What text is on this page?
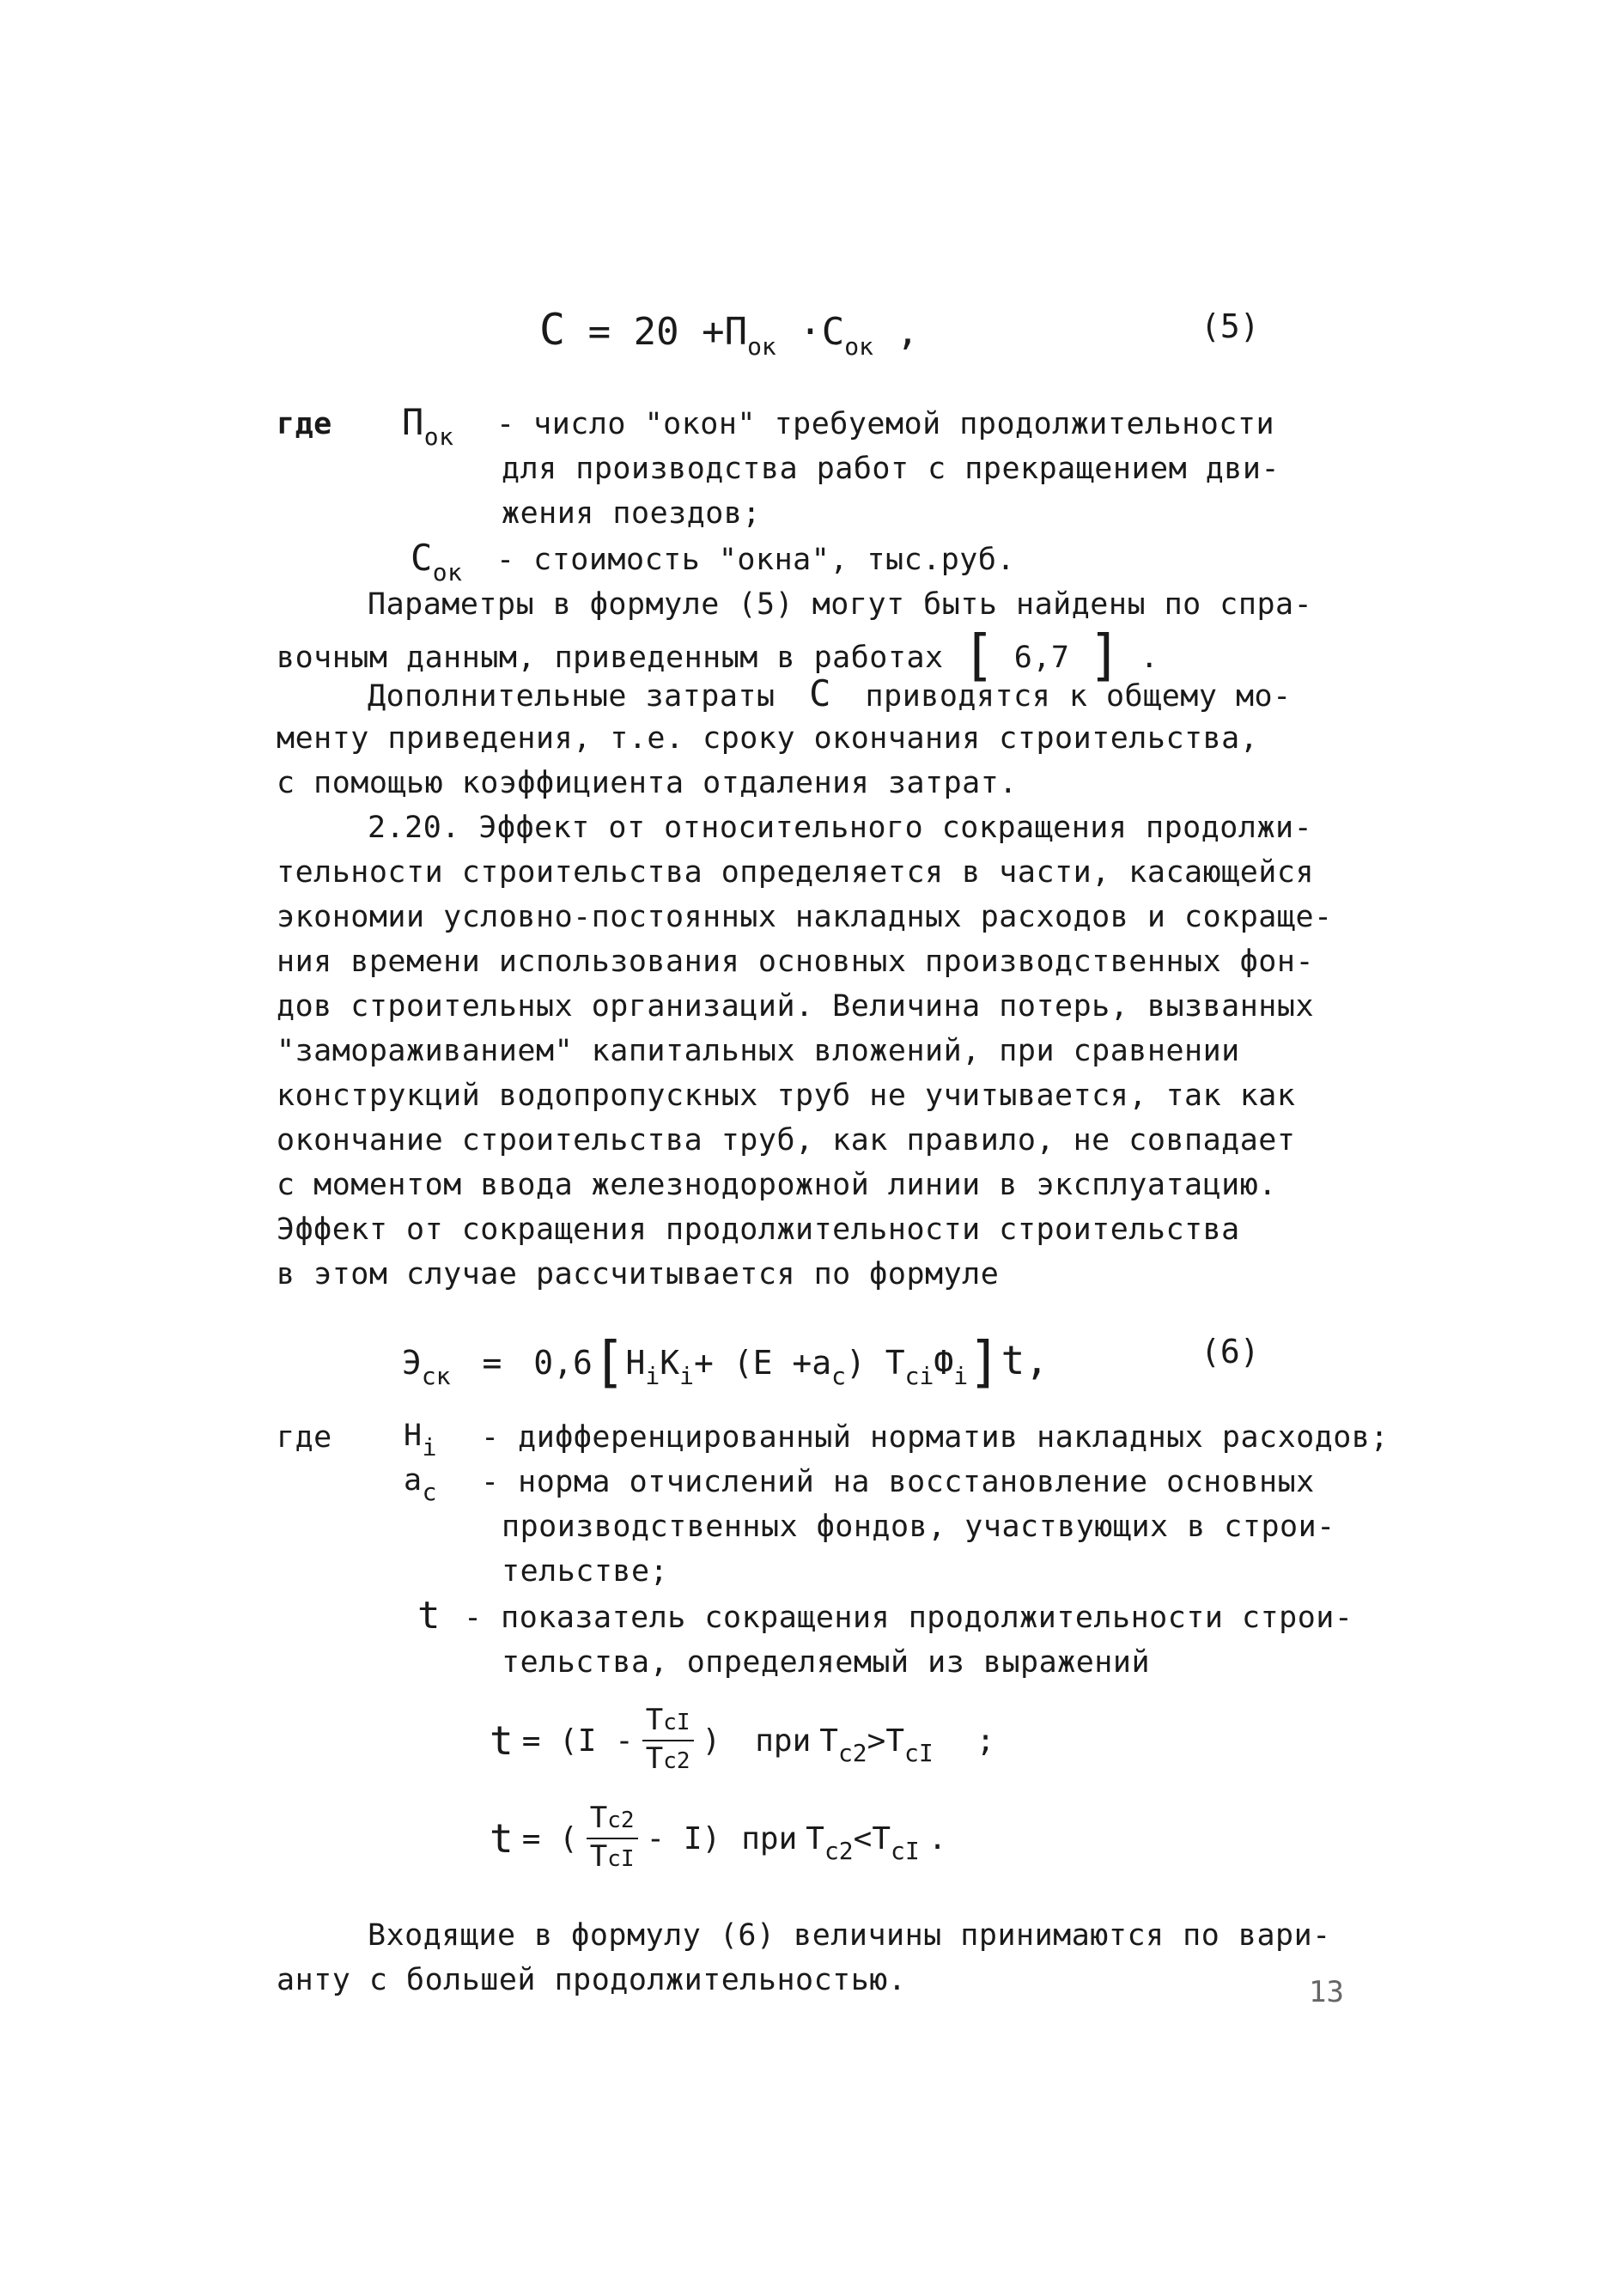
$C = 20 +П_{ок} \cdot С_{ок}$ ,	(5)
где $П_{ок}$ - число "окон" требуемой продолжительности
для производства работ с прекращением дви-
жения поездов;
$С_{ок}$ - стоимость "окна", тыс.руб.
Параметры в формуле (5) могут быть найдены по спра-
вочным данным, приведенным в работах [ 6,7 ] .
Дополнительные затраты С приводятся к общему мо-
менту приведения, т.е. сроку окончания строительства,
с помощью коэффициента отдаления затрат.
2.20. Эффект от относительного сокращения продолжи-
тельности строительства определяется в части, касающейся
экономии условно-постоянных накладных расходов и сокраще-
ния времени использования основных производственных фон-
дов строительных организаций. Величина потерь, вызванных
"замораживанием" капитальных вложений, при сравнении
конструкций водопропускных труб не учитывается, так как
окончание строительства труб, как правило, не совпадает
с моментом ввода железнодорожной линии в эксплуатацию.
Эффект от сокращения продолжительности строительства
в этом случае рассчитывается по формуле
$Э_{ск} = 0,6[Н_iК_i+ (Е +а_с)$ $Т_{сi}Ф_i]t$,	(6)
где $Н_i$ - дифференцированный норматив накладных расходов;
$а_с$ - норма отчислений на восстановление основных
производственных фондов, участвующих в строи-
тельстве;
t - показатель сокращения продолжительности строи-
тельства, определяемый из выражений
$t = (I - \frac{\text{ТсI}}{Тс2}$ ) при $Т_{с2}>Т_{сI}$ ;
t = ( $\frac{Тс2}{\text{ТсI}} - I$) при $Т_{с2}<Т_{сI}$ .
Входящие в формулу (6) величины принимаются по вари-
анту с большей продолжительностью.	13
